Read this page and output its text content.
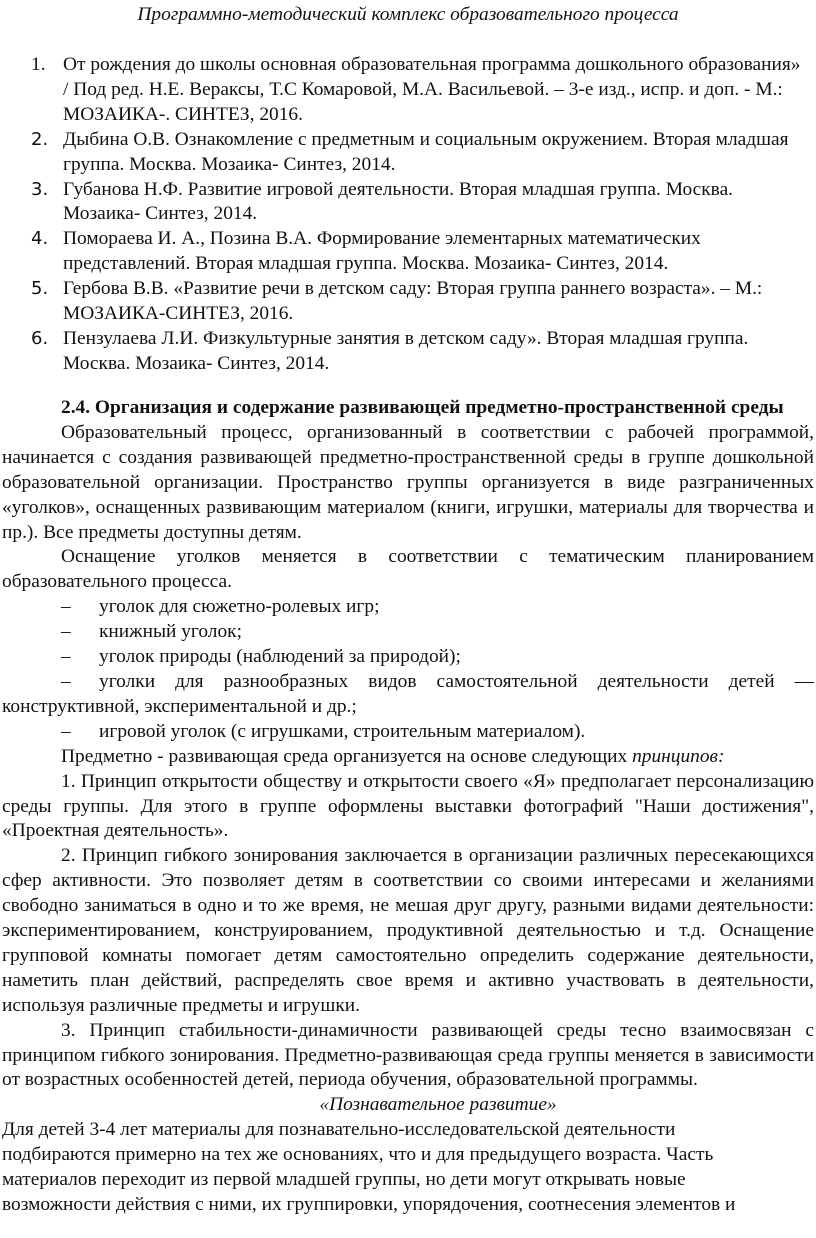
Программно-методический комплекс образовательного процесса
1. От рождения до школы основная образовательная программа дошкольного образования» / Под ред. Н.Е. Вераксы, Т.С Комаровой, М.А. Васильевой. – 3-е изд., испр. и доп. - М.: МОЗАИКА-. СИНТЕЗ, 2016.
2. Дыбина О.В. Ознакомление с предметным и социальным окружением. Вторая младшая группа. Москва. Мозаика- Синтез, 2014.
3. Губанова Н.Ф. Развитие игровой деятельности. Вторая младшая группа. Москва. Мозаика- Синтез, 2014.
4. Помораева И. А., Позина В.А. Формирование элементарных математических представлений. Вторая младшая группа. Москва. Мозаика- Синтез, 2014.
5. Гербова В.В. «Развитие речи в детском саду: Вторая группа раннего возраста». – М.: МОЗАИКА-СИНТЕЗ, 2016.
6. Пензулаева Л.И. Физкультурные занятия в детском саду». Вторая младшая группа. Москва. Мозаика- Синтез, 2014.

2.4. Организация и содержание развивающей предметно-пространственной среды

Образовательный процесс, организованный в соответствии с рабочей программой, начинается с создания развивающей предметно-пространственной среды в группе дошкольной образовательной организации. Пространство группы организуется в виде разграниченных «уголков», оснащенных развивающим материалом (книги, игрушки, материалы для творчества и пр.). Все предметы доступны детям.

Оснащение уголков меняется в соответствии с тематическим планированием образовательного процесса.

– уголок для сюжетно-ролевых игр;

– книжный уголок;

– уголок природы (наблюдений за природой);

– уголки для разнообразных видов самостоятельной деятельности детей — конструктивной, экспериментальной и др.;

– игровой уголок (с игрушками, строительным материалом).

Предметно - развивающая среда организуется на основе следующих принципов:

1. Принцип открытости обществу и открытости своего «Я» предполагает персонализацию среды группы. Для этого в группе оформлены выставки фотографий "Наши достижения", «Проектная деятельность».

2. Принцип гибкого зонирования заключается в организации различных пересекающихся сфер активности. Это позволяет детям в соответствии со своими интересами и желаниями свободно заниматься в одно и то же время, не мешая друг другу, разными видами деятельности: экспериментированием, конструированием, продуктивной деятельностью и т.д. Оснащение групповой комнаты помогает детям самостоятельно определить содержание деятельности, наметить план действий, распределять свое время и активно участвовать в деятельности, используя различные предметы и игрушки.

3. Принцип стабильности-динамичности развивающей среды тесно взаимосвязан с принципом гибкого зонирования. Предметно-развивающая среда группы меняется в зависимости от возрастных особенностей детей, периода обучения, образовательной программы.

«Познавательное развитие»

Для детей 3-4 лет материалы для познавательно-исследовательской деятельности

подбираются примерно на тех же основаниях, что и для предыдущего возраста. Часть

материалов переходит из первой младшей группы, но дети могут открывать новые

возможности действия с ними, их группировки, упорядочения, соотнесения элементов и
